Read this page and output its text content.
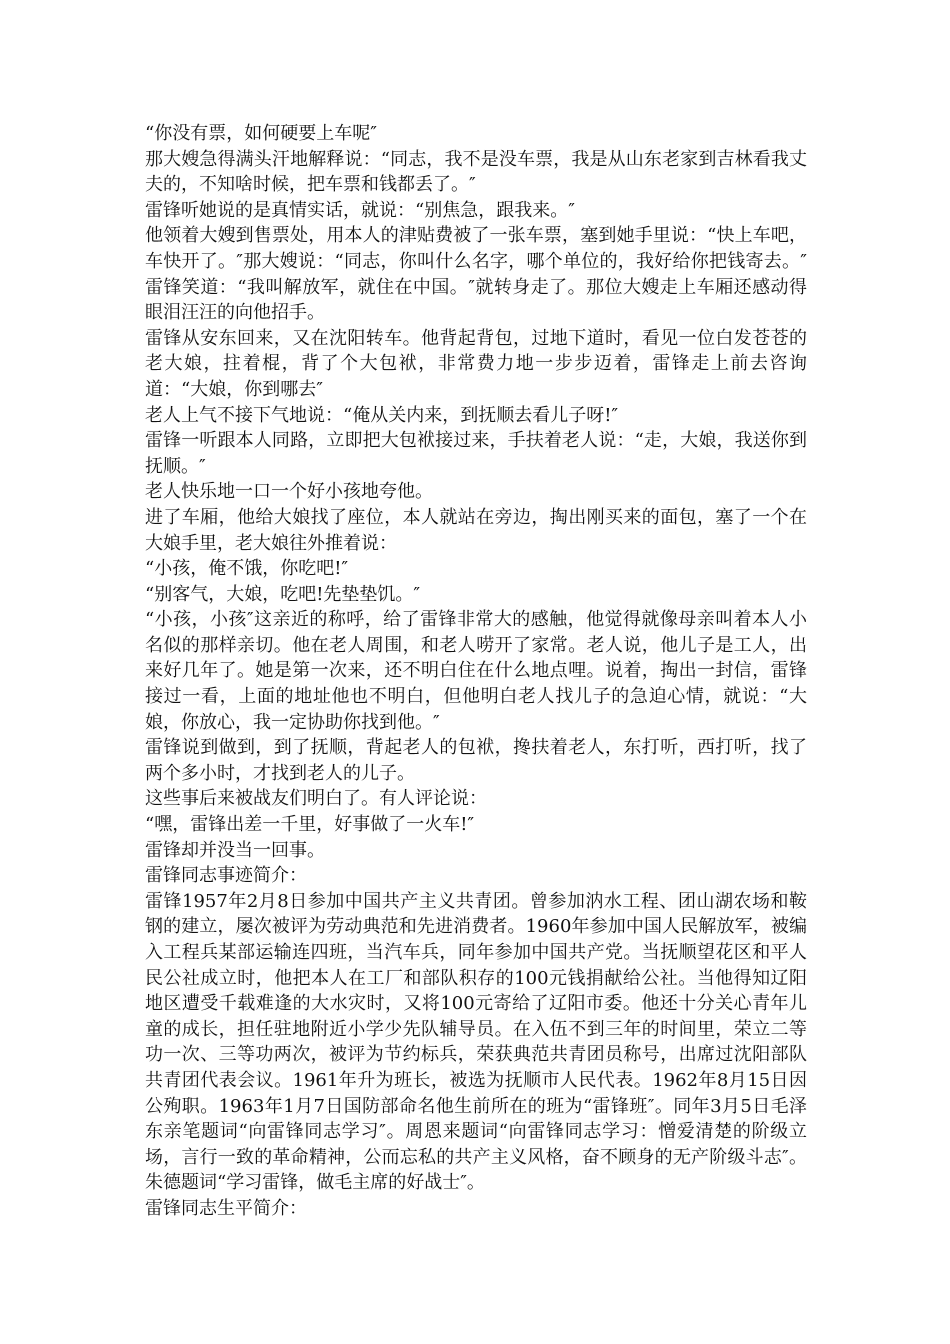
“你没有票，如何硬要上车呢″

那大嫂急得满头汗地解释说：“同志，我不是没车票，我是从山东老家到吉林看我丈夫的，不知啥时候，把车票和钱都丢了。″

雷锋听她说的是真情实话，就说：“别焦急，跟我来。″

他领着大嫂到售票处，用本人的津贴费被了一张车票，塞到她手里说：“快上车吧，车快开了。″那大嫂说：“同志，你叫什么名字，哪个单位的，我好给你把钱寄去。″雷锋笑道：“我叫解放军，就住在中国。″就转身走了。那位大嫂走上车厢还感动得眼泪汪汪的向他招手。

雷锋从安东回来，又在沈阳转车。他背起背包，过地下道时，看见一位白发苍苍的老大娘，拄着棍，背了个大包袱，非常费力地一步步迈着，雷锋走上前去咨询道：“大娘，你到哪去″

老人上气不接下气地说：“俺从关内来，到抚顺去看儿子呀!″

雷锋一听跟本人同路，立即把大包袱接过来，手扶着老人说：“走，大娘，我送你到抚顺。″

老人快乐地一口一个好小孩地夸他。

进了车厢，他给大娘找了座位，本人就站在旁边，掏出刚买来的面包，塞了一个在大娘手里，老大娘往外推着说：

“小孩，俺不饿，你吃吧!″

“别客气，大娘，吃吧!先垫垫饥。″

“小孩，小孩″这亲近的称呼，给了雷锋非常大的感触，他觉得就像母亲叫着本人小名似的那样亲切。他在老人周围，和老人唠开了家常。老人说，他儿子是工人，出来好几年了。她是第一次来，还不明白住在什么地点哩。说着，掏出一封信，雷锋接过一看，上面的地址他也不明白，但他明白老人找儿子的急迫心情，就说：“大娘，你放心，我一定协助你找到他。″

雷锋说到做到，到了抚顺，背起老人的包袱，搀扶着老人，东打听，西打听，找了两个多小时，才找到老人的儿子。

这些事后来被战友们明白了。有人评论说：

“嘿，雷锋出差一千里，好事做了一火车!″

雷锋却并没当一回事。

雷锋同志事迹简介：

雷锋1957年2月8日参加中国共产主义共青团。曾参加汭水工程、团山湖农场和鞍钢的建立，屡次被评为劳动典范和先进消费者。1960年参加中国人民解放军，被编入工程兵某部运输连四班，当汽车兵，同年参加中国共产党。当抚顺望花区和平人民公社成立时，他把本人在工厂和部队积存的100元钱捐献给公社。当他得知辽阳地区遭受千载难逢的大水灾时，又将100元寄给了辽阳市委。他还十分关心青年儿童的成长，担任驻地附近小学少先队辅导员。在入伍不到三年的时间里，荣立二等功一次、三等功两次，被评为节约标兵，荣获典范共青团员称号，出席过沈阳部队共青团代表会议。1961年升为班长，被选为抚顺市人民代表。1962年8月15日因公殉职。1963年1月7日国防部命名他生前所在的班为“雷锋班″。同年3月5日毛泽东亲笔题词“向雷锋同志学习″。周恩来题词“向雷锋同志学习：憎爱清楚的阶级立场，言行一致的革命精神，公而忘私的共产主义风格，奋不顾身的无产阶级斗志″。朱德题词“学习雷锋，做毛主席的好战士″。

雷锋同志生平简介：
